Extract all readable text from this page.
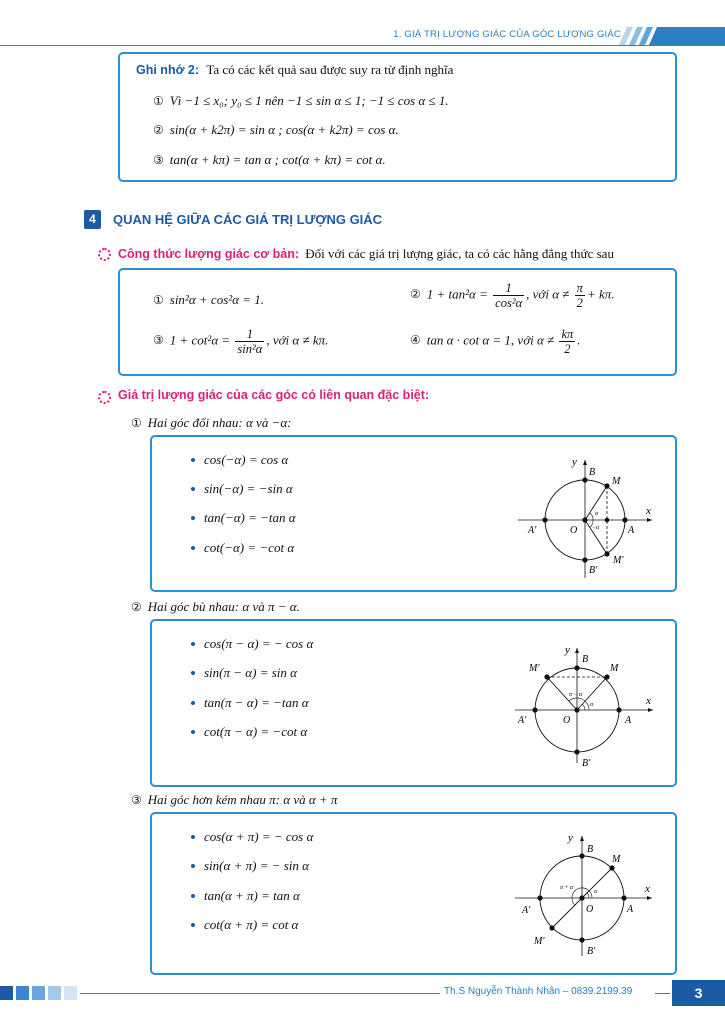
1. GIÁ TRỊ LƯỢNG GIÁC CỦA GÓC LƯỢNG GIÁC
Ghi nhớ 2: Ta có các kết quả sau được suy ra từ định nghĩa
① Vì −1 ≤ x₀; y₀ ≤ 1 nên −1 ≤ sin α ≤ 1; −1 ≤ cos α ≤ 1.
② sin(α + k2π) = sin α ; cos(α + k2π) = cos α.
③ tan(α + kπ) = tan α ; cot(α + kπ) = cot α.
4	QUAN HỆ GIỮA CÁC GIÁ TRỊ LƯỢNG GIÁC
Công thức lượng giác cơ bản: Đối với các giá trị lượng giác, ta có các hằng đẳng thức sau
① sin²α + cos²α = 1.	② $1 + \tan^2\alpha = \frac{1}{\text{cos²α}}$ , với $\alpha \ne \frac{\pi}{2} + k\pi$.
③ $1 + \cot^2\alpha = \frac{1}{\text{sin²α}}$ , với α ≠ kπ.	④ tan α · cot α = 1, với $\alpha \ne \frac{k\pi}{2}$ .
Giá trị lượng giác của các góc có liên quan đặc biệt:
① Hai góc đối nhau: α và −α:
cos(−α) = cos α
sin(−α) = −sin α
tan(−α) = −tan α
cot(−α) = −cot α
x
y
O	A
A′
B
B′
M
M′
α
−α
② Hai góc bù nhau: α và π − α.
cos(π − α) = − cos α
sin(π − α) = sin α
tan(π − α) = −tan α
cot(π − α) = −cot α
x
y
O	A
A′
B
B′
M
M′
α
π − α
③ Hai góc hơn kém nhau π: α và α + π
cos(α + π) = − cos α
sin(α + π) = − sin α
tan(α + π) = tan α
cot(α + π) = cot α
x
y
O	A
A′
B
B′
M
M′
α
π + α
Th.S Nguyễn Thành Nhân – 0839.2199.39	3
